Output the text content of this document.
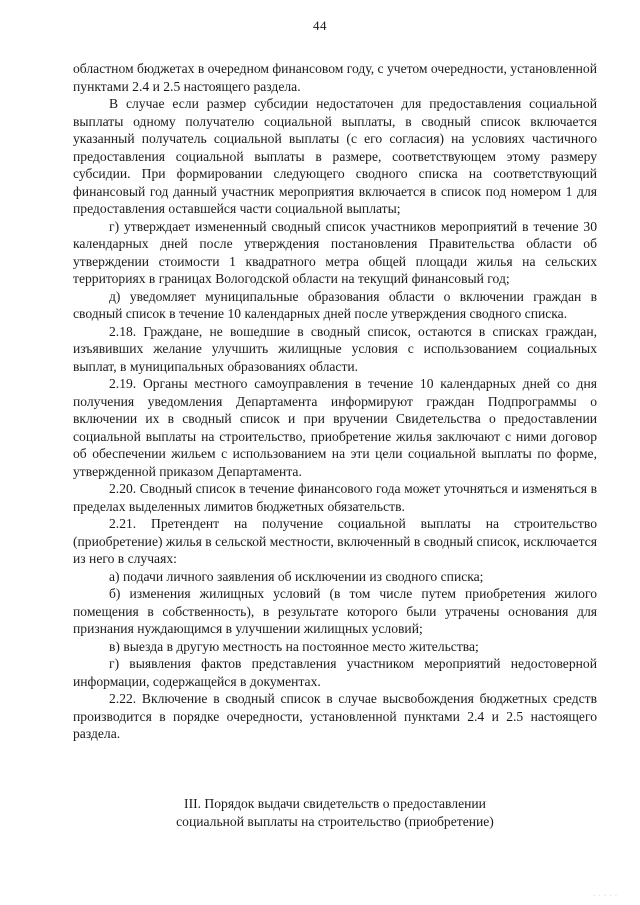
44

областном бюджетах в очередном финансовом году, с учетом очередности, установленной пунктами 2.4 и 2.5 настоящего раздела.

В случае если размер субсидии недостаточен для предоставления социальной выплаты одному получателю социальной выплаты, в сводный список включается указанный получатель социальной выплаты (с его согласия) на условиях частичного предоставления социальной выплаты в размере, соответствующем этому размеру субсидии. При формировании следующего сводного списка на соответствующий финансовый год данный участник мероприятия включается в список под номером 1 для предоставления оставшейся части социальной выплаты;

г) утверждает измененный сводный список участников мероприятий в течение 30 календарных дней после утверждения постановления Правительства области об утверждении стоимости 1 квадратного метра общей площади жилья на сельских территориях в границах Вологодской области на текущий финансовый год;

д) уведомляет муниципальные образования области о включении граждан в сводный список в течение 10 календарных дней после утверждения сводного списка.

2.18. Граждане, не вошедшие в сводный список, остаются в списках граждан, изъявивших желание улучшить жилищные условия с использованием социальных выплат, в муниципальных образованиях области.

2.19. Органы местного самоуправления в течение 10 календарных дней со дня получения уведомления Департамента информируют граждан Подпрограммы о включении их в сводный список и при вручении Свидетельства о предоставлении социальной выплаты на строительство, приобретение жилья заключают с ними договор об обеспечении жильем с использованием на эти цели социальной выплаты по форме, утвержденной приказом Департамента.

2.20. Сводный список в течение финансового года может уточняться и изменяться в пределах выделенных лимитов бюджетных обязательств.

2.21. Претендент на получение социальной выплаты на строительство (приобретение) жилья в сельской местности, включенный в сводный список, исключается из него в случаях:

а) подачи личного заявления об исключении из сводного списка;

б) изменения жилищных условий (в том числе путем приобретения жилого помещения в собственность), в результате которого были утрачены основания для признания нуждающимся в улучшении жилищных условий;

в) выезда в другую местность на постоянное место жительства;

г) выявления фактов представления участником мероприятий недостоверной информации, содержащейся в документах.

2.22. Включение в сводный список в случае высвобождения бюджетных средств производится в порядке очередности, установленной пунктами 2.4 и 2.5 настоящего раздела.

III. Порядок выдачи свидетельств о предоставлении
социальной выплаты на строительство (приобретение)
· · · · ·
